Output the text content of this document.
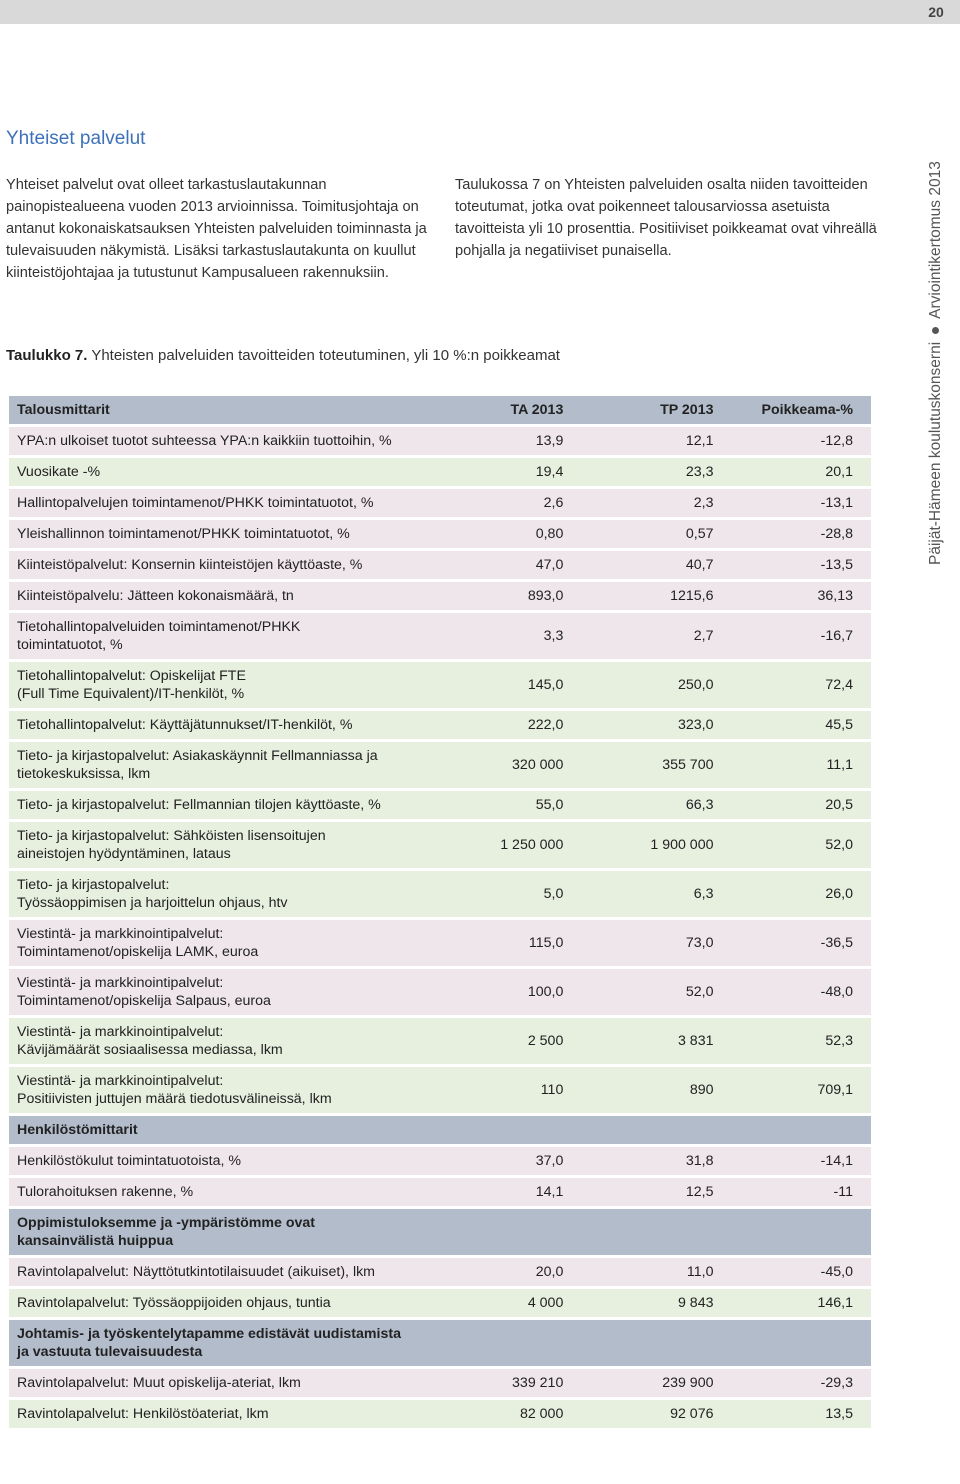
20
Yhteiset palvelut
Yhteiset palvelut ovat olleet tarkastuslautakunnan painopistealueena vuoden 2013 arvioinnissa. Toimitusjohtaja on antanut kokonaiskatsauksen Yhteisten palveluiden toiminnasta ja tulevaisuuden näkymistä. Lisäksi tarkastuslautakunta on kuullut kiinteistöjohtajaa ja tutustunut Kampusalueen rakennuksiin.
Taulukossa 7 on Yhteisten palveluiden osalta niiden tavoitteiden toteutumat, jotka ovat poikenneet talousarviossa asetuista tavoitteista yli 10 prosenttia. Positiiviset poikkeamat ovat vihreällä pohjalla ja negatiiviset punaisella.
Taulukko 7. Yhteisten palveluiden tavoitteiden toteutuminen, yli 10 %:n poikkeamat	Päijät-Hämeen koulutuskonserniArviointikertomus 2013
Talousmittarit	TA 2013	TP 2013	Poikkeama-%
YPA:n ulkoiset tuotot suhteessa YPA:n kaikkiin tuottoihin, %	13,9	12,1	-12,8
Vuosikate -%	19,4	23,3	20,1
Hallintopalvelujen toimintamenot/PHKK toimintatuotot, %	2,6	2,3	-13,1
Yleishallinnon toimintamenot/PHKK toimintatuotot, %	0,80	0,57	-28,8
Kiinteistöpalvelut: Konsernin kiinteistöjen käyttöaste, %	47,0	40,7	-13,5
Kiinteistöpalvelu: Jätteen kokonaismäärä, tn	893,0	1215,6	36,13
Tietohallintopalveluiden toimintamenot/PHKK
toimintatuotot, %	3,3	2,7	-16,7
Tietohallintopalvelut: Opiskelijat FTE
(Full Time Equivalent)/IT-henkilöt, %	145,0	250,0	72,4
Tietohallintopalvelut: Käyttäjätunnukset/IT-henkilöt, %	222,0	323,0	45,5
Tieto- ja kirjastopalvelut: Asiakaskäynnit Fellmanniassa ja
tietokeskuksissa, lkm	320 000	355 700	11,1
Tieto- ja kirjastopalvelut: Fellmannian tilojen käyttöaste, %	55,0	66,3	20,5
Tieto- ja kirjastopalvelut: Sähköisten lisensoitujen
aineistojen hyödyntäminen, lataus	1 250 000	1 900 000	52,0
Tieto- ja kirjastopalvelut:
Työssäoppimisen ja harjoittelun ohjaus, htv	5,0	6,3	26,0
Viestintä- ja markkinointipalvelut:
Toimintamenot/opiskelija LAMK, euroa	115,0	73,0	-36,5
Viestintä- ja markkinointipalvelut:
Toimintamenot/opiskelija Salpaus, euroa	100,0	52,0	-48,0
Viestintä- ja markkinointipalvelut:
Kävijämäärät sosiaalisessa mediassa, lkm	2 500	3 831	52,3
Viestintä- ja markkinointipalvelut:
Positiivisten juttujen määrä tiedotusvälineissä, lkm	110	890	709,1
Henkilöstömittarit			
Henkilöstökulut toimintatuotoista, %	37,0	31,8	-14,1
Tulorahoituksen rakenne, %	14,1	12,5	-11
Oppimistuloksemme ja -ympäristömme ovat
kansainvälistä huippua			
Ravintolapalvelut: Näyttötutkintotilaisuudet (aikuiset), lkm	20,0	11,0	-45,0
Ravintolapalvelut: Työssäoppijoiden ohjaus, tuntia	4 000	9 843	146,1
Johtamis- ja työskentelytapamme edistävät uudistamista
ja vastuuta tulevaisuudesta			
Ravintolapalvelut: Muut opiskelija-ateriat, lkm	339 210	239 900	-29,3
Ravintolapalvelut: Henkilöstöateriat, lkm	82 000	92 076	13,5
